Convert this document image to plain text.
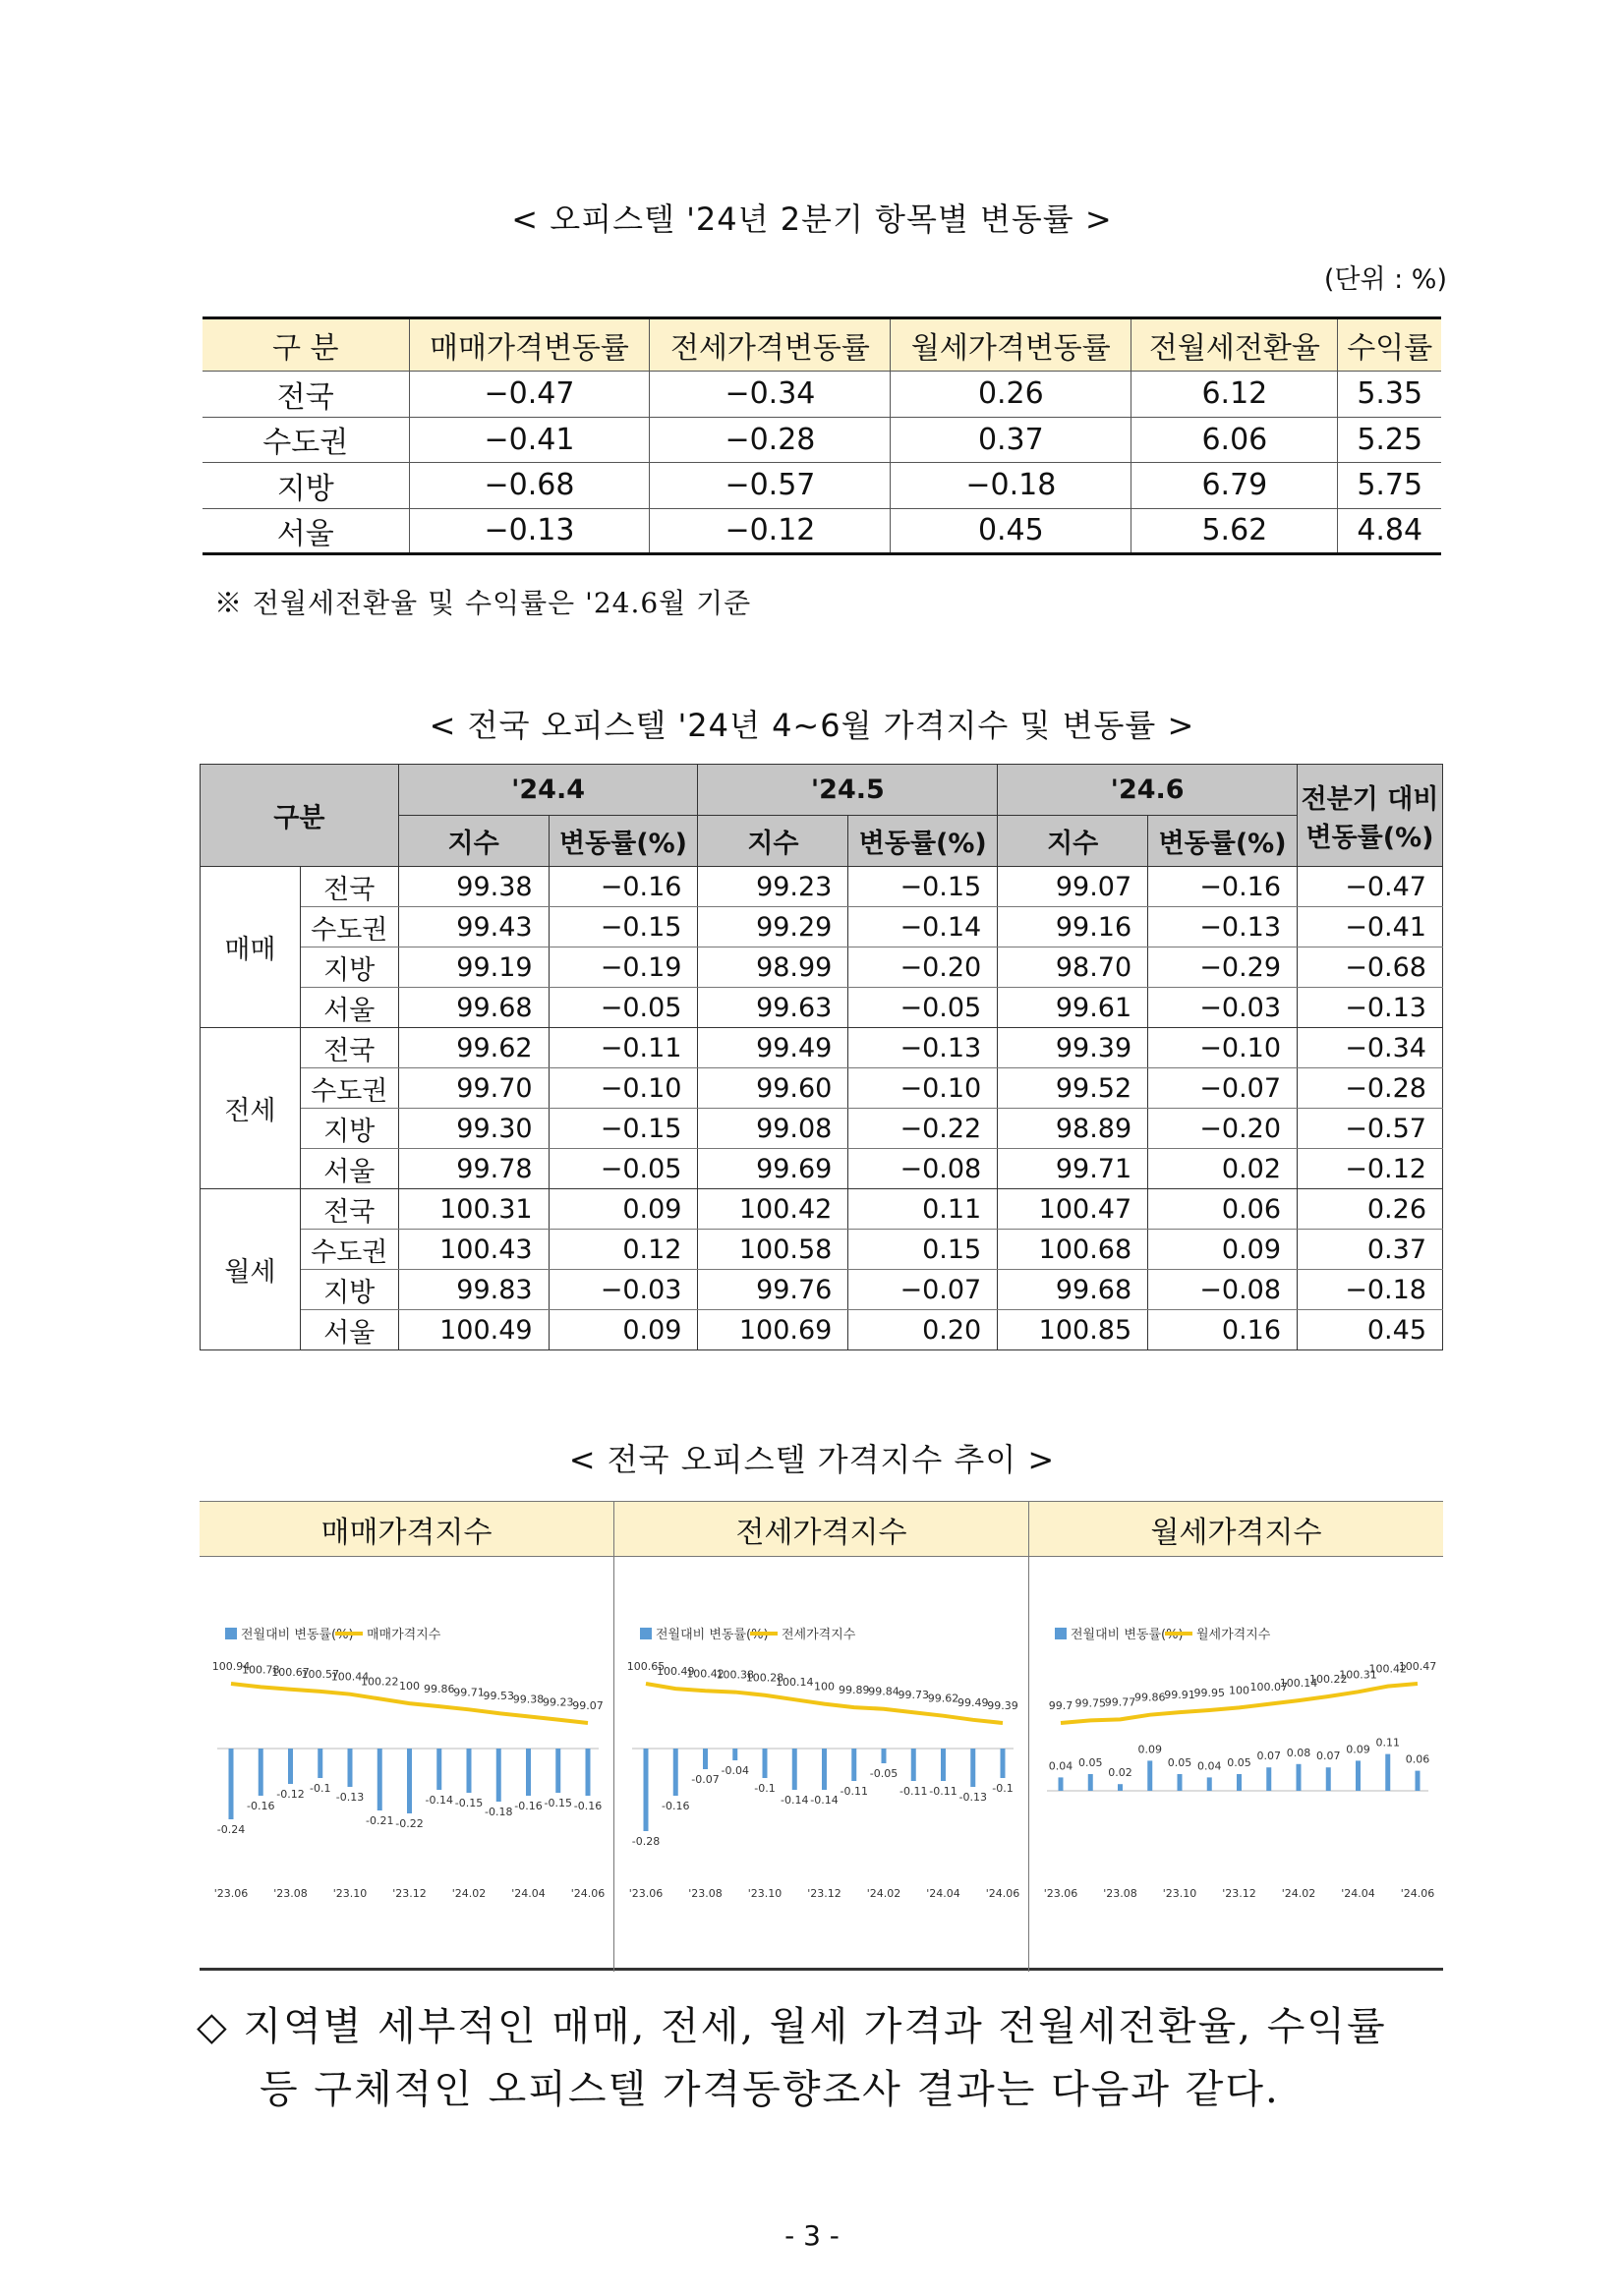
< 오피스텔 '24년 2분기 항목별 변동률 >
(단위 : %)
구 분	매매가격변동률	전세가격변동률	월세가격변동률	전월세전환율	수익률
전국	−0.47	−0.34	0.26	6.12	5.35
수도권	−0.41	−0.28	0.37	6.06	5.25
지방	−0.68	−0.57	−0.18	6.79	5.75
서울	−0.13	−0.12	0.45	5.62	4.84
※ 전월세전환율 및 수익률은 '24.6월 기준
< 전국 오피스텔 '24년 4~6월 가격지수 및 변동률 >
구분		'24.4		'24.5		'24.6		전분기 대비
변동률(%)

		지수	변동률(%)	지수	변동률(%)	지수	변동률(%)	
매매	전국	99.38	−0.16	99.23	−0.15	99.07	−0.16	−0.47
	수도권	99.43	−0.15	99.29	−0.14	99.16	−0.13	−0.41
	지방	99.19	−0.19	98.99	−0.20	98.70	−0.29	−0.68
	서울	99.68	−0.05	99.63	−0.05	99.61	−0.03	−0.13
전세	전국	99.62	−0.11	99.49	−0.13	99.39	−0.10	−0.34
	수도권	99.70	−0.10	99.60	−0.10	99.52	−0.07	−0.28
	지방	99.30	−0.15	99.08	−0.22	98.89	−0.20	−0.57
	서울	99.78	−0.05	99.69	−0.08	99.71	0.02	−0.12
월세	전국	100.31	0.09	100.42	0.11	100.47	0.06	0.26
	수도권	100.43	0.12	100.58	0.15	100.68	0.09	0.37
	지방	99.83	−0.03	99.76	−0.07	99.68	−0.08	−0.18
	서울	100.49	0.09	100.69	0.20	100.85	0.16	0.45
< 전국 오피스텔 가격지수 추이 >
매매가격지수	전세가격지수	월세가격지수
전월대비 변동률(%) 매매가격지수
100.94
100.78
100.67
100.57
100.44
100.22 100 99.86
99.71
99.53
99.38
99.23
99.07
-0.24
-0.16
-0.12 -0.1
-0.13
-0.21 -0.22
-0.14 -0.15
-0.18 -0.16 -0.15 -0.16
'23.06 '23.08 '23.10 '23.12 '24.02 '24.04 '24.06
전월대비 변동률(%) 전세가격지수
100.65
100.49
100.42
100.38
100.28
100.14 100 99.89
99.84
99.73
99.62
99.49
99.39
-0.28
-0.16
-0.07
-0.04
-0.1
-0.14 -0.14
-0.11
-0.05
-0.11 -0.11 -0.13
-0.1
'23.06 '23.08 '23.10 '23.12 '24.02 '24.04 '24.06
전월대비 변동률(%) 월세가격지수
99.7 99.75
99.77
99.86
99.91
99.95 100 100.07
100.14
100.22
100.31
100.42
100.47
0.04 0.05
0.02
0.09
0.05 0.04 0.05
0.07 0.08 0.07
0.09
0.11
0.06
'23.06 '23.08 '23.10 '23.12 '24.02 '24.04 '24.06
◇ 지역별 세부적인 매매, 전세, 월세 가격과 전월세전환율, 수익률
등 구체적인 오피스텔 가격동향조사 결과는 다음과 같다.
- 3 -
